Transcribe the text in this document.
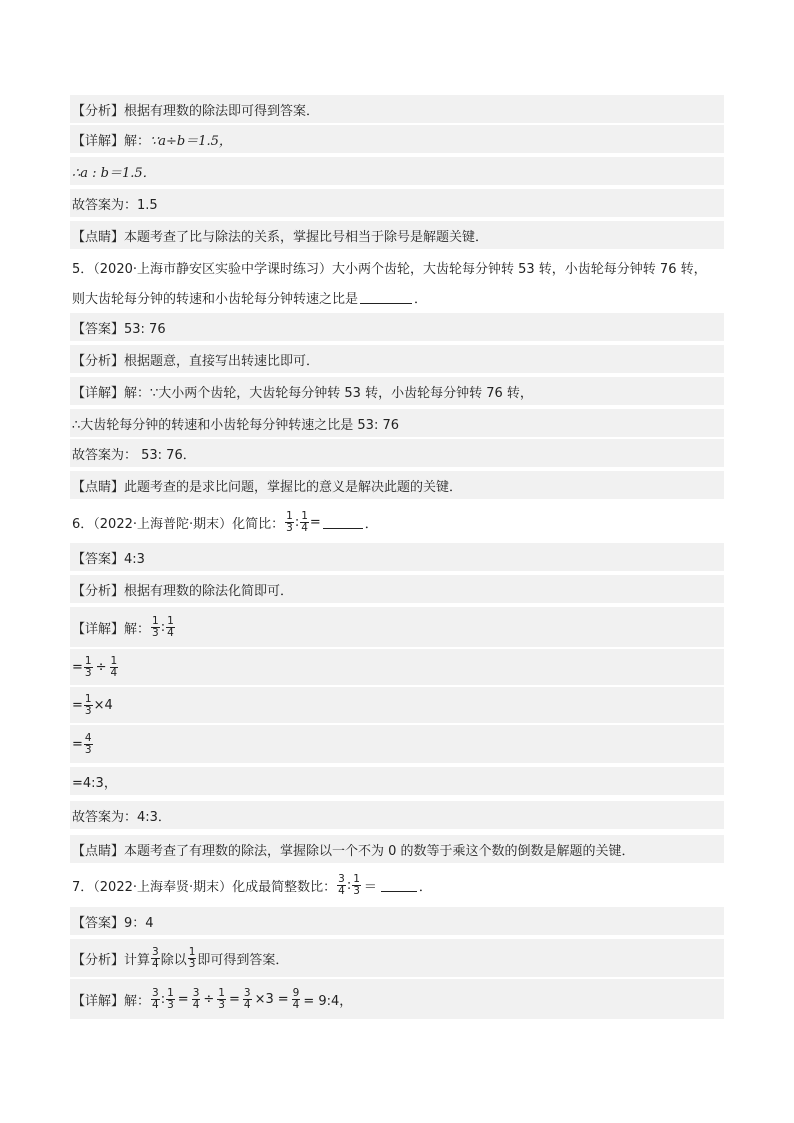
【分析】根据有理数的除法即可得到答案．
【详解】解： ∵a÷b＝1.5，
∴a : b＝1.5．
故答案为：1.5
【点睛】本题考查了比与除法的关系，掌握比号相当于除号是解题关键．
5．（2020·上海市静安区实验中学课时练习）大小两个齿轮，大齿轮每分钟转 53 转，小齿轮每分钟转 76 转，
则大齿轮每分钟的转速和小齿轮每分钟转速之比是	．
【答案】53: 76
【分析】根据题意，直接写出转速比即可．
【详解】解：∵大小两个齿轮，大齿轮每分钟转 53 转，小齿轮每分钟转 76 转，
∴大齿轮每分钟的转速和小齿轮每分钟转速之比是 53: 76
故答案为： 53: 76．
【点睛】此题考查的是求比问题，掌握比的意义是解决此题的关键．
6．（2022·上海普陀·期末）化简比： $\frac{1}{3}$ : $\frac{1}{4}$ =	．
【答案】4:3
【分析】根据有理数的除法化简即可．
【详解】解： $\frac{1}{3}$ : $\frac{1}{4}$
= $\frac{1}{3} \div \frac{1}{4}$
= $\frac{1}{3} \times 4$
= $\frac{4}{3}$
=4:3，
故答案为：4:3．
【点睛】本题考查了有理数的除法，掌握除以一个不为 0 的数等于乘这个数的倒数是解题的关键．
7．（2022·上海奉贤·期末）化成最简整数比： $\frac{3}{4}$ : $\frac{1}{3}$ ＝	．
【答案】9：4
【分析】计算 $\frac{3}{4}$ 除以 $\frac{1}{3}$ 即可得到答案．
【详解】解： $\frac{3}{4}$ : $\frac{1}{3} = \frac{3}{4} \div \frac{1}{3} = \frac{3}{4} \times 3 = \frac{9}{4}$ = 9:4，
